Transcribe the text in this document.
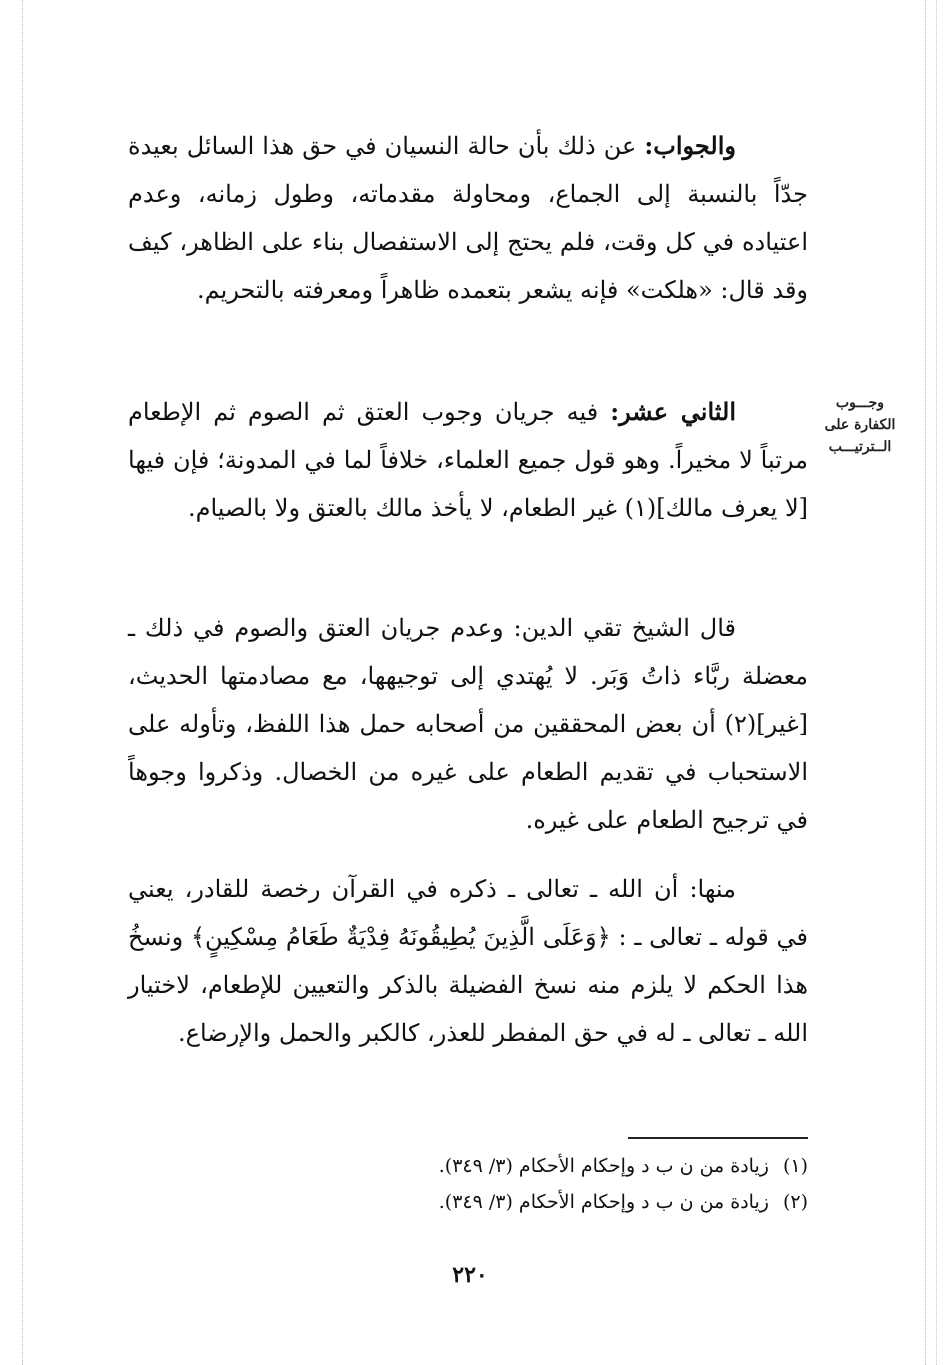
والجواب: عن ذلك بأن حالة النسيان في حق هذا السائل بعيدة جدّاً بالنسبة إلى الجماع، ومحاولة مقدماته، وطول زمانه، وعدم اعتياده في كل وقت، فلم يحتج إلى الاستفصال بناء على الظاهر، كيف وقد قال: «هلكت» فإنه يشعر بتعمده ظاهراً ومعرفته بالتحريم.

وجـــوب
الكفارة على
الــترتيـــب

الثاني عشر: فيه جريان وجوب العتق ثم الصوم ثم الإطعام مرتباً لا مخيراً. وهو قول جميع العلماء، خلافاً لما في المدونة؛ فإن فيها [لا يعرف مالك](١) غير الطعام، لا يأخذ مالك بالعتق ولا بالصيام.

قال الشيخ تقي الدين: وعدم جريان العتق والصوم في ذلك ـ معضلة ربَّاء ذاتُ وَبَر. لا يُهتدي إلى توجيهها، مع مصادمتها الحديث، [غير](٢) أن بعض المحققين من أصحابه حمل هذا اللفظ، وتأوله على الاستحباب في تقديم الطعام على غيره من الخصال. وذكروا وجوهاً في ترجيح الطعام على غيره.

منها: أن الله ـ تعالى ـ ذكره في القرآن رخصة للقادر، يعني في قوله ـ تعالى ـ : ﴿وَعَلَى الَّذِينَ يُطِيقُونَهُ فِدْيَةٌ طَعَامُ مِسْكِينٍ﴾ ونسخُ هذا الحكم لا يلزم منه نسخ الفضيلة بالذكر والتعيين للإطعام، لاختيار الله ـ تعالى ـ له في حق المفطر للعذر، كالكبر والحمل والإرضاع.

(١)زيادة من ن ب د وإحكام الأحكام (٣/ ٣٤٩).
(٢)زيادة من ن ب د وإحكام الأحكام (٣/ ٣٤٩).
٢٢٠
